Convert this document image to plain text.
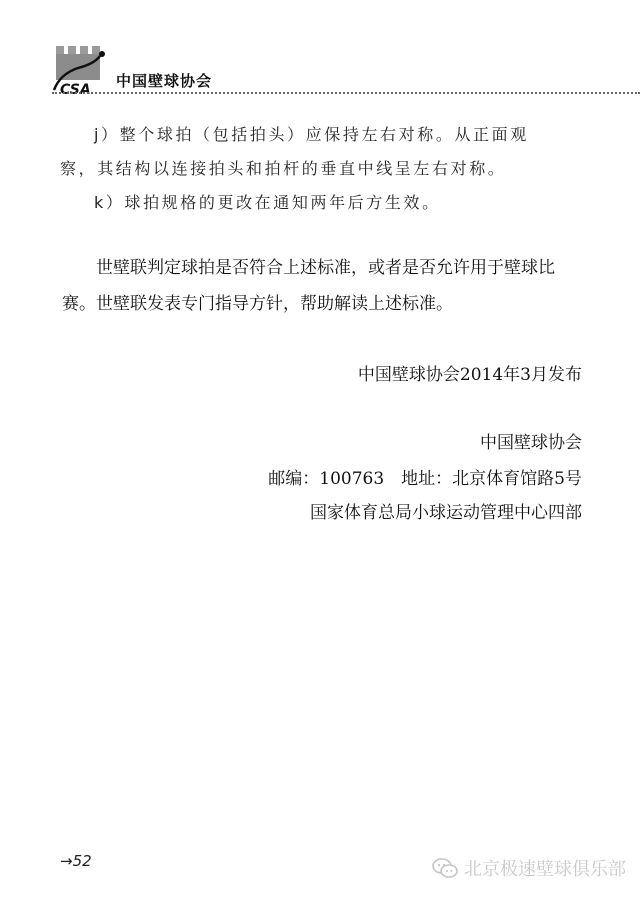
CSA 中国壁球协会
j）整个球拍（包括拍头）应保持左右对称。从正面观
察，其结构以连接拍头和拍杆的垂直中线呈左右对称。
k）球拍规格的更改在通知两年后方生效。
世壁联判定球拍是否符合上述标准，或者是否允许用于壁球比赛。世壁联发表专门指导方针，帮助解读上述标准。
中国壁球协会2014年3月发布
中国壁球协会
邮编：100763　地址：北京体育馆路5号
国家体育总局小球运动管理中心四部
→52	北京极速壁球俱乐部
